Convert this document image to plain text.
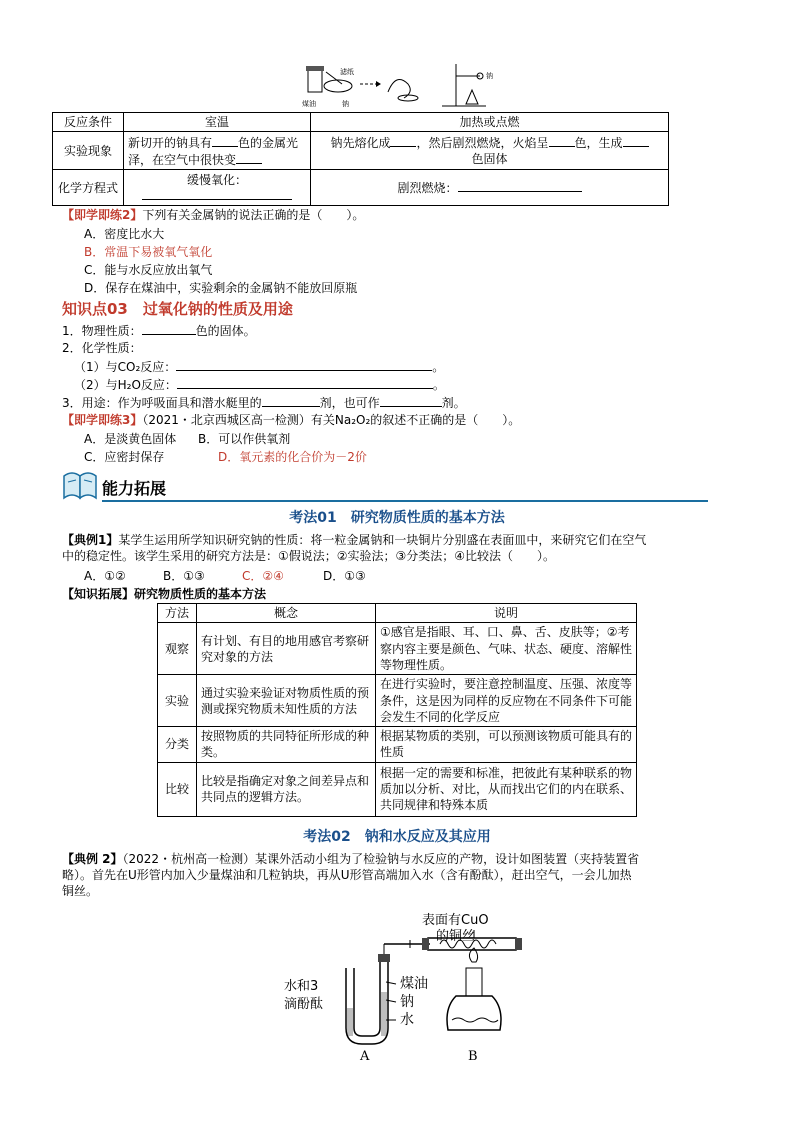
滤纸
钠
煤油
钠
反应条件	室温	加热或点燃
实验现象	新切开的钠具有 色的金属光泽，在空气中很快变	钠先熔化成 ，然后剧烈燃烧，火焰呈 色，生成
色固体
化学方程式	缓慢氧化：	剧烈燃烧：
【即学即练2】下列有关金属钠的说法正确的是（　　）。
A．密度比水大
B．常温下易被氧气氧化
C．能与水反应放出氧气
D．保存在煤油中，实验剩余的金属钠不能放回原瓶
知识点03　过氧化钠的性质及用途
1．物理性质：	色的固体。
2．化学性质：
（1）与CO₂反应：	。
（2）与H₂O反应：	。
3．用途：作为呼吸面具和潜水艇里的	剂，也可作	剂。
【即学即练3】（2021・北京西城区高一检测）有关Na₂O₂的叙述不正确的是（　　）。
A．是淡黄色固体 B．可以作供氧剂
C．应密封保存	D．氧元素的化合价为－2价
能力拓展
考法01　研究物质性质的基本方法
【典例1】某学生运用所学知识研究钠的性质：将一粒金属钠和一块铜片分别盛在表面皿中，来研究它们在空气
中的稳定性。该学生采用的研究方法是：①假说法；②实验法；③分类法；④比较法（　　）。
A．①②	B．①③	C．②④	D．①③
【知识拓展】研究物质性质的基本方法
方法	概念	说明
观察	有计划、有目的地用感官考察研究对象的方法	①感官是指眼、耳、口、鼻、舌、皮肤等；②考察内容主要是颜色、气味、状态、硬度、溶解性等物理性质。
实验	通过实验来验证对物质性质的预测或探究物质未知性质的方法	在进行实验时，要注意控制温度、压强、浓度等条件，这是因为同样的反应物在不同条件下可能会发生不同的化学反应
分类	按照物质的共同特征所形成的种类。	根据某物质的类别，可以预测该物质可能具有的性质
比较	比较是指确定对象之间差异点和共同点的逻辑方法。	根据一定的需要和标准，把彼此有某种联系的物质加以分析、对比，从而找出它们的内在联系、共同规律和特殊本质
考法02　钠和水反应及其应用
【典例 2】（2022・杭州高一检测）某课外活动小组为了检验钠与水反应的产物，设计如图装置（夹持装置省
略）。首先在U形管内加入少量煤油和几粒钠块，再从U形管高端加入水（含有酚酞），赶出空气，一会儿加热
铜丝。
表面有CuO
的铜丝
水和3
滴酚酞
煤油
钠
水
A	B
